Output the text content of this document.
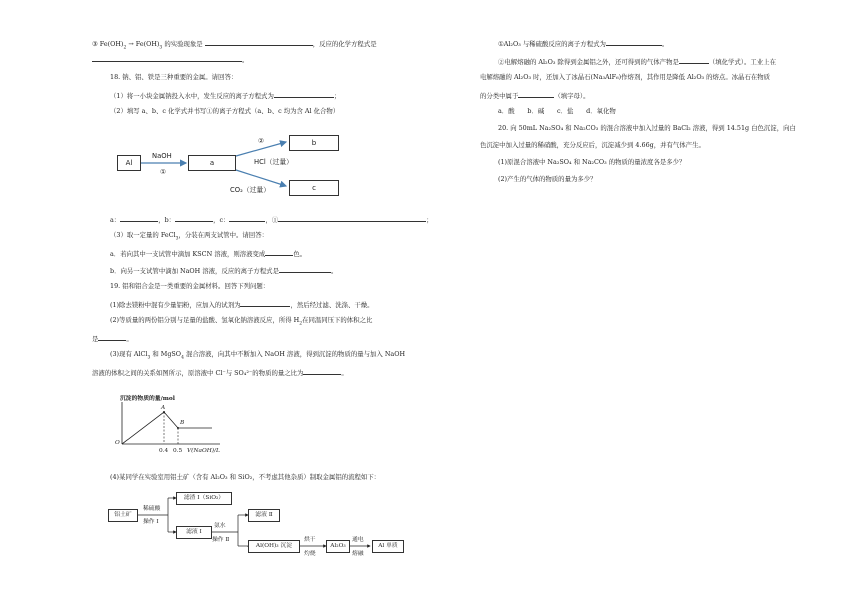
③ $Fe(OH)_2 \to Fe(OH)_3$ 的实验现象是	，反应的化学方程式是
。
18. 钠、铝、铁是三种重要的金属。请回答：
（1）将一小块金属钠投入水中，发生反应的离子方程式为	；
（2）填写 a、b、c 化学式并书写①的离子方程式（a、b、c 均为含 Al 化合物）
Al
NaOH
①
a
②
HCl（过量）
b
CO₂（过量）	c
a：	，b：	，c：	，①	；
（3）取一定量的 FeCl$_3$，分装在两支试管中。请回答：
a．若向其中一支试管中滴加 KSCN 溶液，则溶液变成	色。
b．向另一支试管中滴加 NaOH 溶液，反应的离子方程式是	。
19. 铝和铝合金是一类重要的金属材料。回答下列问题：
(1)除去镁粉中混有少量铝粉，应加入的试剂为	，然后经过滤、洗涤、干燥。
(2)等质量的两份铝分别与足量的盐酸、氢氧化钠溶液反应，所得 $H_2$在同温同压下的体积之比
是	。
(3)现有 AlCl$_3$ 和 MgSO$_4$ 混合溶液，向其中不断加入 NaOH 溶液，得到沉淀的物质的量与加入 NaOH
溶液的体积之间的关系如图所示，原溶液中 Cl⁻与 SO₄²⁻的物质的量之比为	。
沉淀的物质的量/mol
O
A
B
0.4 0.5 V(NaOH)/L
(4)某同学在实验室用铝土矿（含有 Al₂O₃ 和 SiO₂，不考虑其他杂质）制取金属铝的流程如下：
铝土矿
稀硫酸
操作 Ⅰ
滤渣 Ⅰ（SiO₂）
滤液 Ⅰ
氨水
操作 Ⅱ
滤液 Ⅱ
Al(OH)₃ 沉淀
烘干
灼烧
Al₂O₃
通电
熔融
Al 单质
①Al₂O₃ 与稀硫酸反应的离子方程式为	。
②电解熔融的 Al₂O₃ 除得到金属铝之外，还可得到的气体产物是	（填化学式）。工业上在
电解熔融的 Al₂O₃ 时，还加入了冰晶石(Na₃AlF₆)作熔剂，其作用是降低 Al₂O₃ 的熔点。冰晶石在物质
的分类中属于	（填字母）。
a．酸　　b．碱　　c．盐　　d．氧化物
20. 向 50mL Na₂SO₄ 和 Na₂CO₃ 的混合溶液中加入过量的 BaCl₂ 溶液，得到 14.51g 白色沉淀，向白
色沉淀中加入过量的稀硝酸，充分反应后，沉淀减少到 4.66g，并有气体产生。
(1)原混合溶液中 Na₂SO₄ 和 Na₂CO₃ 的物质的量浓度各是多少？
(2)产生的气体的物质的量为多少？
